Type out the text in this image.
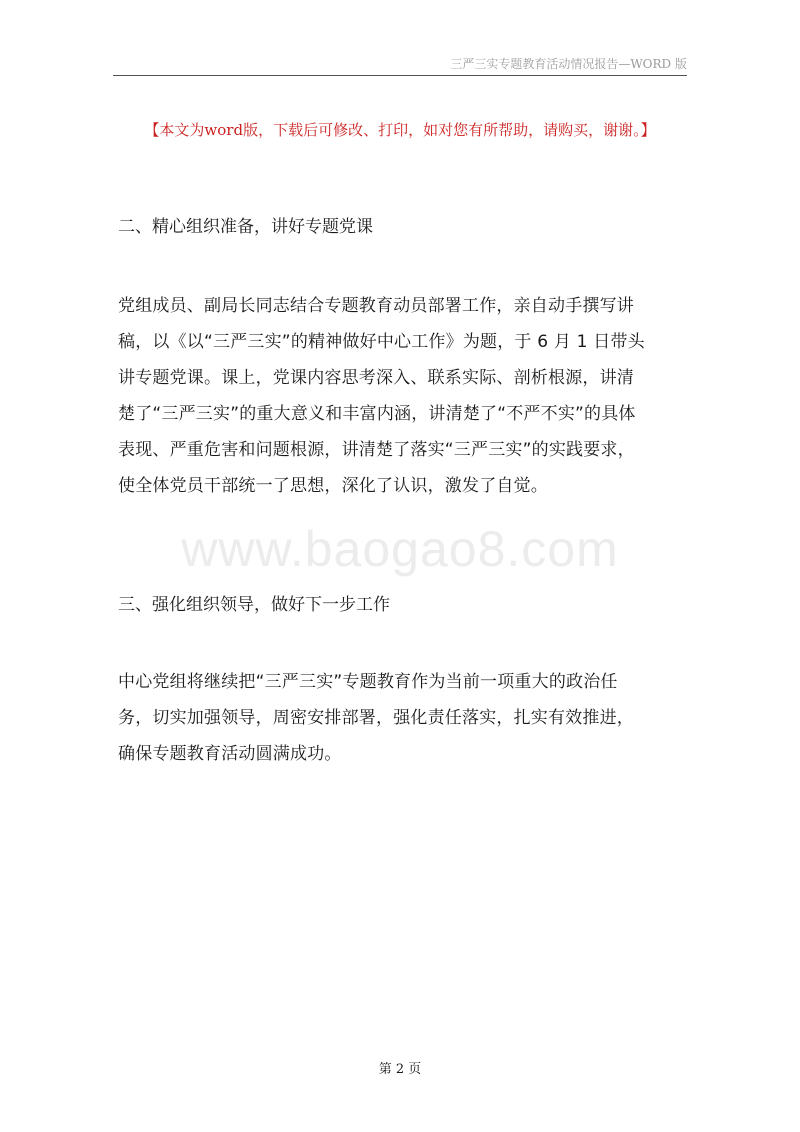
三严三实专题教育活动情况报告—WORD 版
【本文为word版，下载后可修改、打印，如对您有所帮助，请购买，谢谢。】
www.baogao8.com
二、精心组织准备，讲好专题党课
党组成员、副局长同志结合专题教育动员部署工作，亲自动手撰写讲
稿，以《以“三严三实”的精神做好中心工作》为题，于 6 月 1 日带头
讲专题党课。课上，党课内容思考深入、联系实际、剖析根源，讲清
楚了“三严三实”的重大意义和丰富内涵，讲清楚了“不严不实”的具体
表现、严重危害和问题根源，讲清楚了落实“三严三实”的实践要求，
使全体党员干部统一了思想，深化了认识，激发了自觉。
三、强化组织领导，做好下一步工作
中心党组将继续把“三严三实”专题教育作为当前一项重大的政治任
务，切实加强领导，周密安排部署，强化责任落实，扎实有效推进，
确保专题教育活动圆满成功。
第 2 页
